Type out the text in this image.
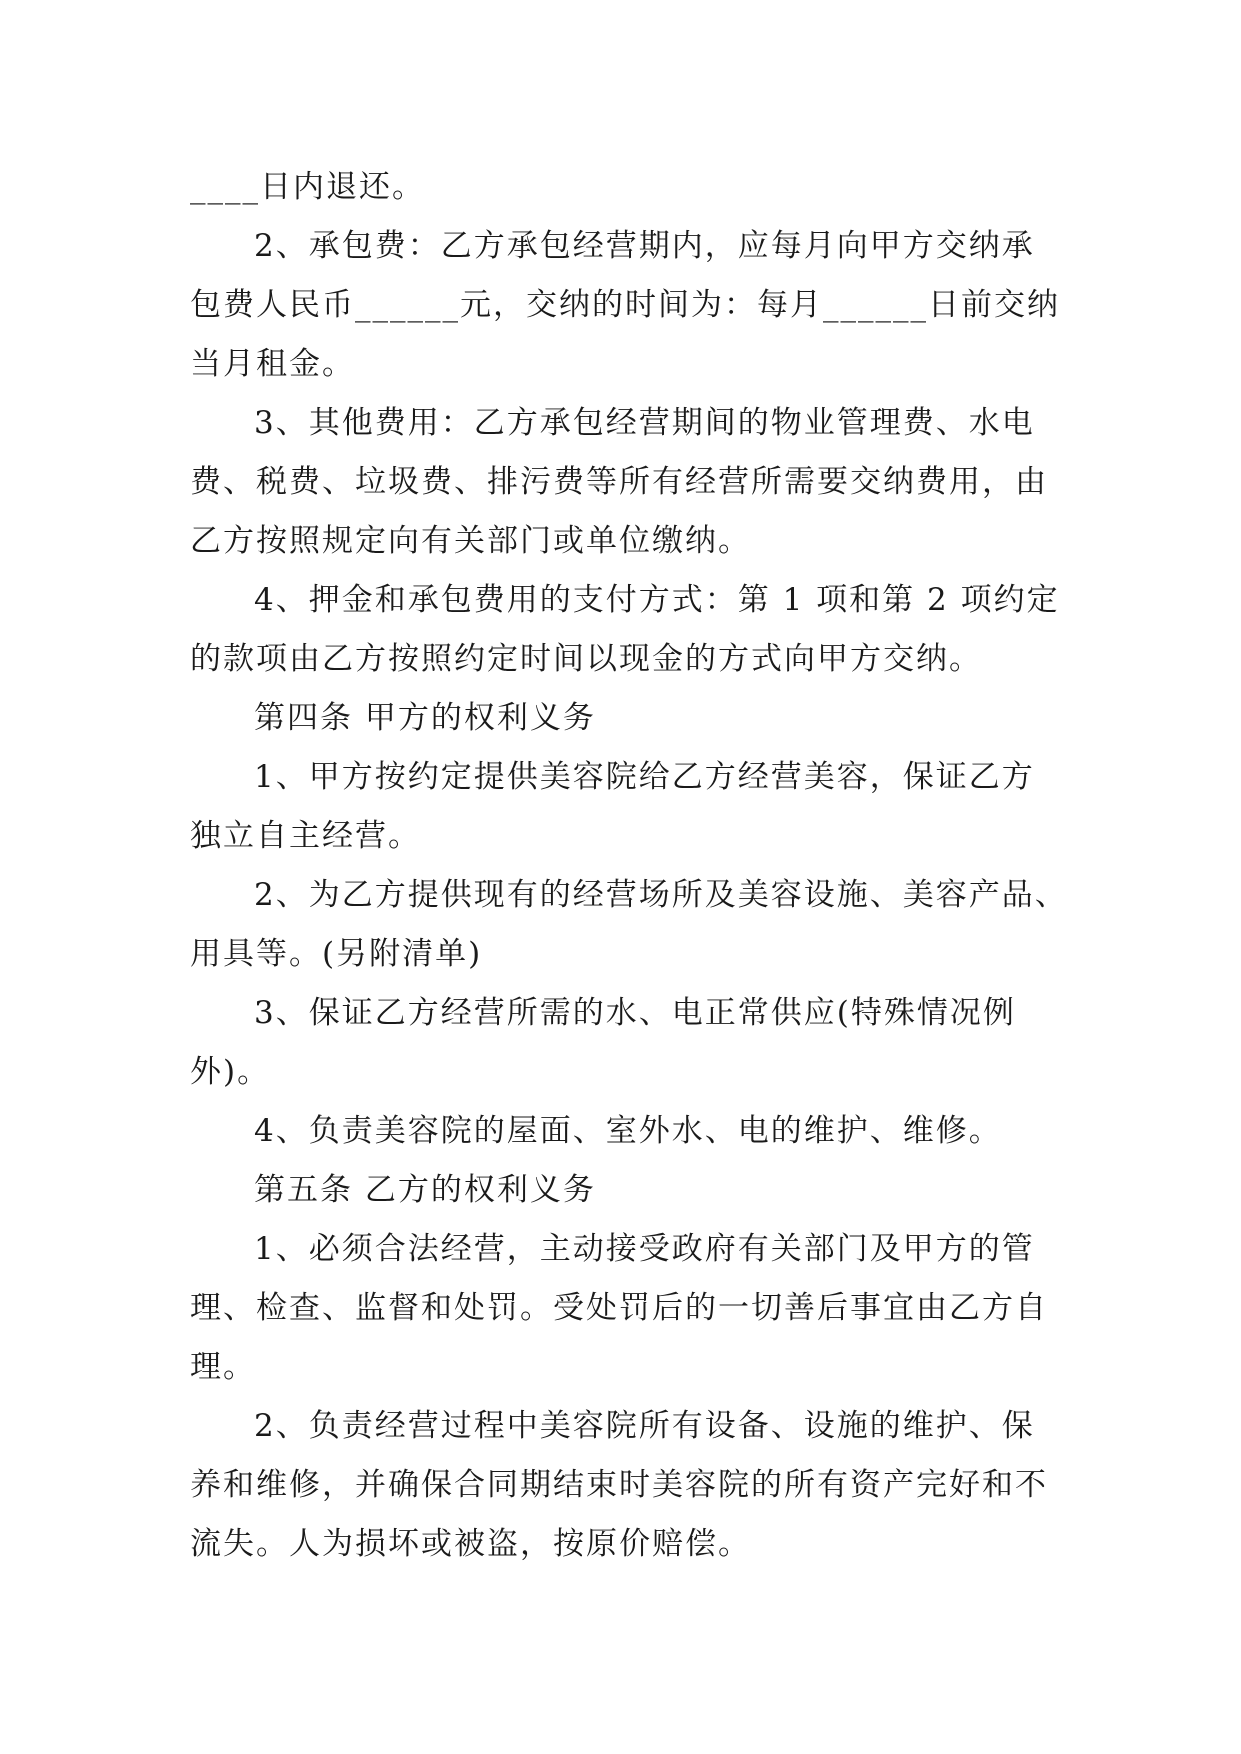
____日内退还。
2、承包费：乙方承包经营期内，应每月向甲方交纳承
包费人民币______元，交纳的时间为：每月______日前交纳
当月租金。
3、其他费用：乙方承包经营期间的物业管理费、水电
费、税费、垃圾费、排污费等所有经营所需要交纳费用，由
乙方按照规定向有关部门或单位缴纳。
4、押金和承包费用的支付方式：第 1 项和第 2 项约定
的款项由乙方按照约定时间以现金的方式向甲方交纳。
第四条 甲方的权利义务
1、甲方按约定提供美容院给乙方经营美容，保证乙方
独立自主经营。
2、为乙方提供现有的经营场所及美容设施、美容产品、
用具等。(另附清单)
3、保证乙方经营所需的水、电正常供应(特殊情况例
外)。
4、负责美容院的屋面、室外水、电的维护、维修。
第五条 乙方的权利义务
1、必须合法经营，主动接受政府有关部门及甲方的管
理、检查、监督和处罚。受处罚后的一切善后事宜由乙方自
理。
2、负责经营过程中美容院所有设备、设施的维护、保
养和维修，并确保合同期结束时美容院的所有资产完好和不
流失。人为损坏或被盗，按原价赔偿。
